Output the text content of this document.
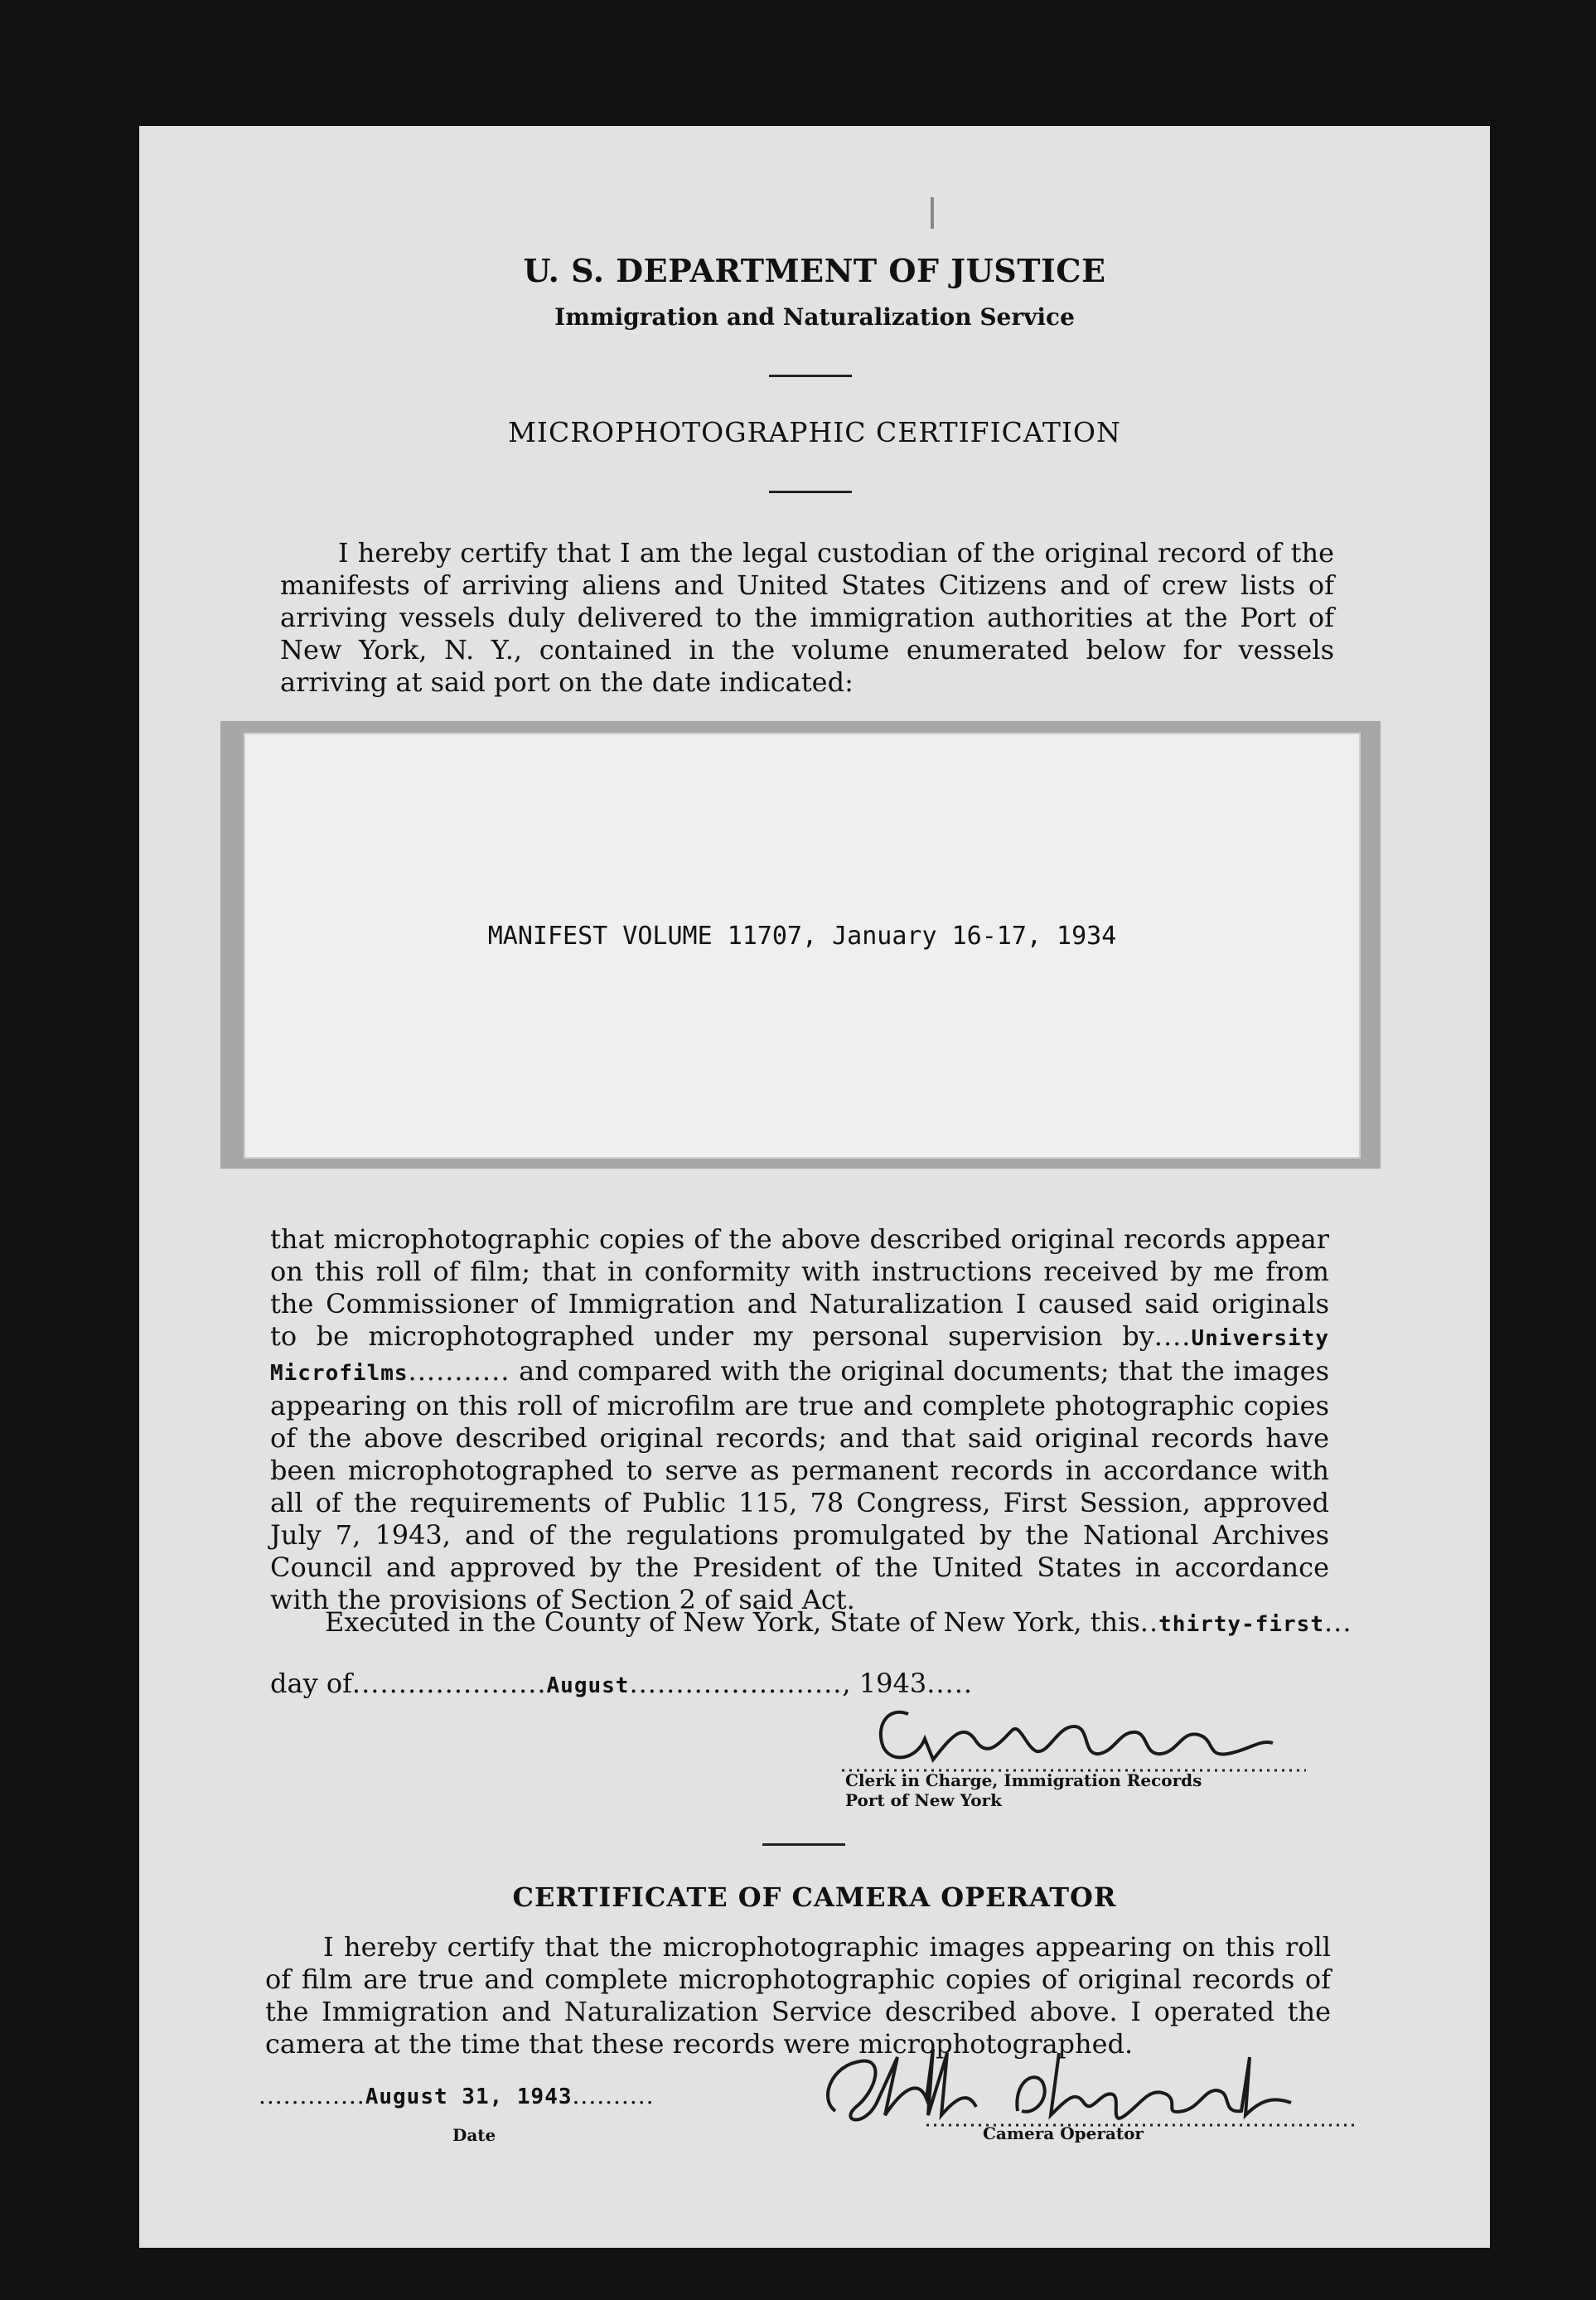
U. S. DEPARTMENT OF JUSTICE
Immigration and Naturalization Service
MICROPHOTOGRAPHIC CERTIFICATION

I hereby certify that I am the legal custodian of the original record of the manifests of arriving aliens and United States Citizens and of crew lists of arriving vessels duly delivered to the immigration authorities at the Port of New York, N. Y., contained in the volume enumerated below for vessels arriving at said port on the date indicated:

MANIFEST VOLUME 11707, January 16-17, 1934

that microphotographic copies of the above described original records appear on this roll of film; that in conformity with instructions received by me from the Commissioner of Immigration and Naturalization I caused said originals to be microphotographed under my personal supervision by....University Microfilms........... and compared with the original documents; that the images appearing on this roll of microfilm are true and complete photographic copies of the above described original records; and that said original records have been microphotographed to serve as permanent records in accordance with all of the requirements of Public 115, 78 Congress, First Session, approved July 7, 1943, and of the regulations promulgated by the National Archives Council and approved by the President of the United States in accordance with the provisions of Section 2 of said Act.

Executed in the County of New York, State of New York, this..thirty-first...
day of.....................August......................., 1943.....
Clerk in Charge, Immigration Records
Port of New York
CERTIFICATE OF CAMERA OPERATOR

I hereby certify that the microphotographic images appearing on this roll of film are true and complete microphotographic copies of original records of the Immigration and Naturalization Service described above. I operated the camera at the time that these records were microphotographed.

.............August 31, 1943..........
Date	Camera Operator
